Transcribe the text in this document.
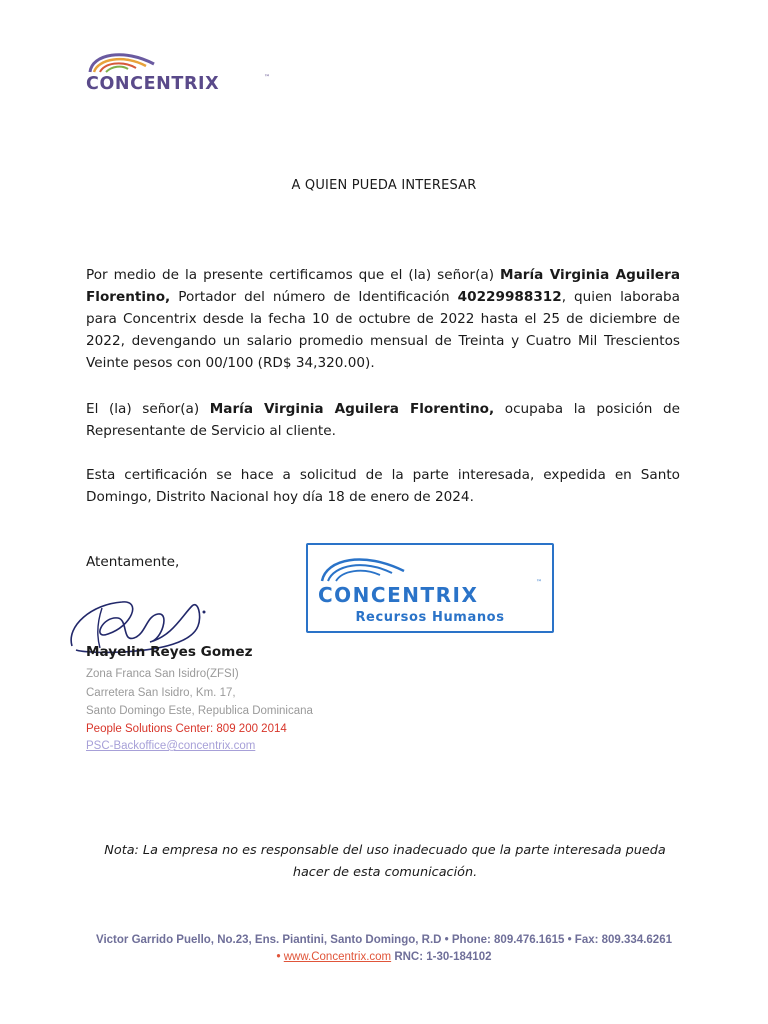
CONCENTRIX	™
A QUIEN PUEDA INTERESAR

Por medio de la presente certificamos que el (la) señor(a) María Virginia Aguilera Florentino, Portador del número de Identificación 40229988312, quien laboraba para Concentrix desde la fecha 10 de octubre de 2022 hasta el 25 de diciembre de 2022, devengando un salario promedio mensual de Treinta y Cuatro Mil Trescientos Veinte pesos con 00/100 (RD$ 34,320.00).

El (la) señor(a) María Virginia Aguilera Florentino, ocupaba la posición de Representante de Servicio al cliente.

Esta certificación se hace a solicitud de la parte interesada, expedida en Santo Domingo, Distrito Nacional hoy día 18 de enero de 2024.

Atentamente,
CONCENTRIX
™
Recursos Humanos
Mayelin Reyes Gomez
Zona Franca San Isidro(ZFSI)
Carretera San Isidro, Km. 17,
Santo Domingo Este, Republica Dominicana
People Solutions Center: 809 200 2014
PSC-Backoffice@concentrix.com
Nota: La empresa no es responsable del uso inadecuado que la parte interesada pueda hacer de esta comunicación.
Victor Garrido Puello, No.23, Ens. Piantini, Santo Domingo, R.D • Phone: 809.476.1615 • Fax: 809.334.6261
• www.Concentrix.com RNC: 1-30-184102
